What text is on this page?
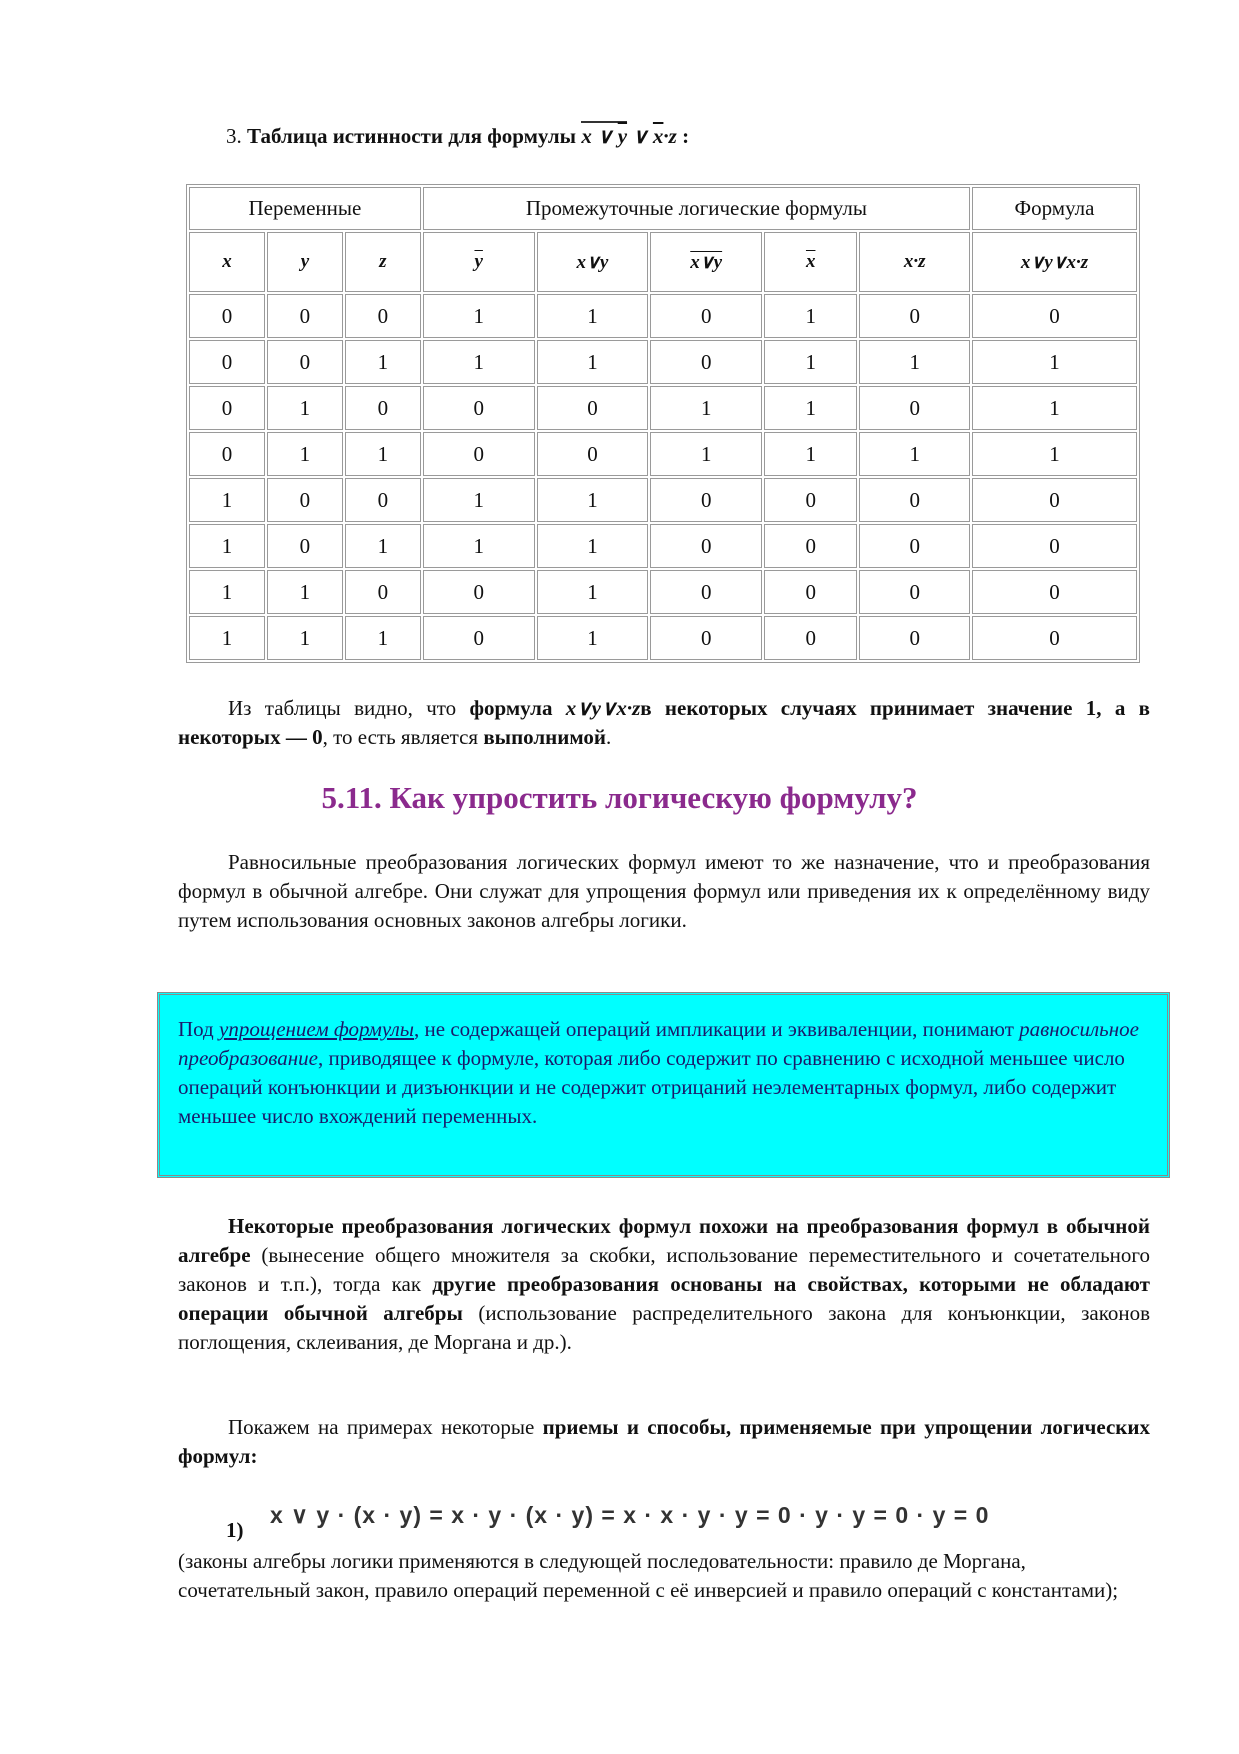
3. Таблица истинности для формулы x ∨ $\overline{y}$ ∨ $\overline{x}\cdot z$ :
Переменные			Промежуточные логические формулы					Формула
x	y	z	$\overline{y}$	x∨y	x∨y	$\overline{x}$	x·z	x∨y∨x·z
0	0	0	1	1	0	1	0	0
0	0	1	1	1	0	1	1	1
0	1	0	0	0	1	1	0	1
0	1	1	0	0	1	1	1	1
1	0	0	1	1	0	0	0	0
1	0	1	1	1	0	0	0	0
1	1	0	0	1	0	0	0	0
1	1	1	0	1	0	0	0	0
Из таблицы видно, что формула x∨y∨x·zв некоторых случаях принимает значение 1, а в некоторых — 0, то есть является выполнимой.
5.11. Как упростить логическую формулу?
Равносильные преобразования логических формул имеют то же назначение, что и преобразования формул в обычной алгебре. Они служат для упрощения формул или приведения их к определённому виду путем использования основных законов алгебры логики.
Под упрощением формулы, не содержащей операций импликации и эквиваленции, понимают равносильное преобразование, приводящее к формуле, которая либо содержит по сравнению с исходной меньшее число операций конъюнкции и дизъюнкции и не содержит отрицаний неэлементарных формул, либо содержит меньшее число вхождений переменных.
Некоторые преобразования логических формул похожи на преобразования формул в обычной алгебре (вынесение общего множителя за скобки, использование переместительного и сочетательного законов и т.п.), тогда как другие преобразования основаны на свойствах, которыми не обладают операции обычной алгебры (использование распределительного закона для конъюнкции, законов поглощения, склеивания, де Моргана и др.).
Покажем на примерах некоторые приемы и способы, применяемые при упрощении логических формул:
1)
x ∨ y · (x · y) = x · y · (x · y) = x · x · y · y = 0 · y · y = 0 · y = 0
(законы алгебры логики применяются в следующей последовательности: правило де Моргана, сочетательный закон, правило операций переменной с её инверсией и правило операций с константами);
